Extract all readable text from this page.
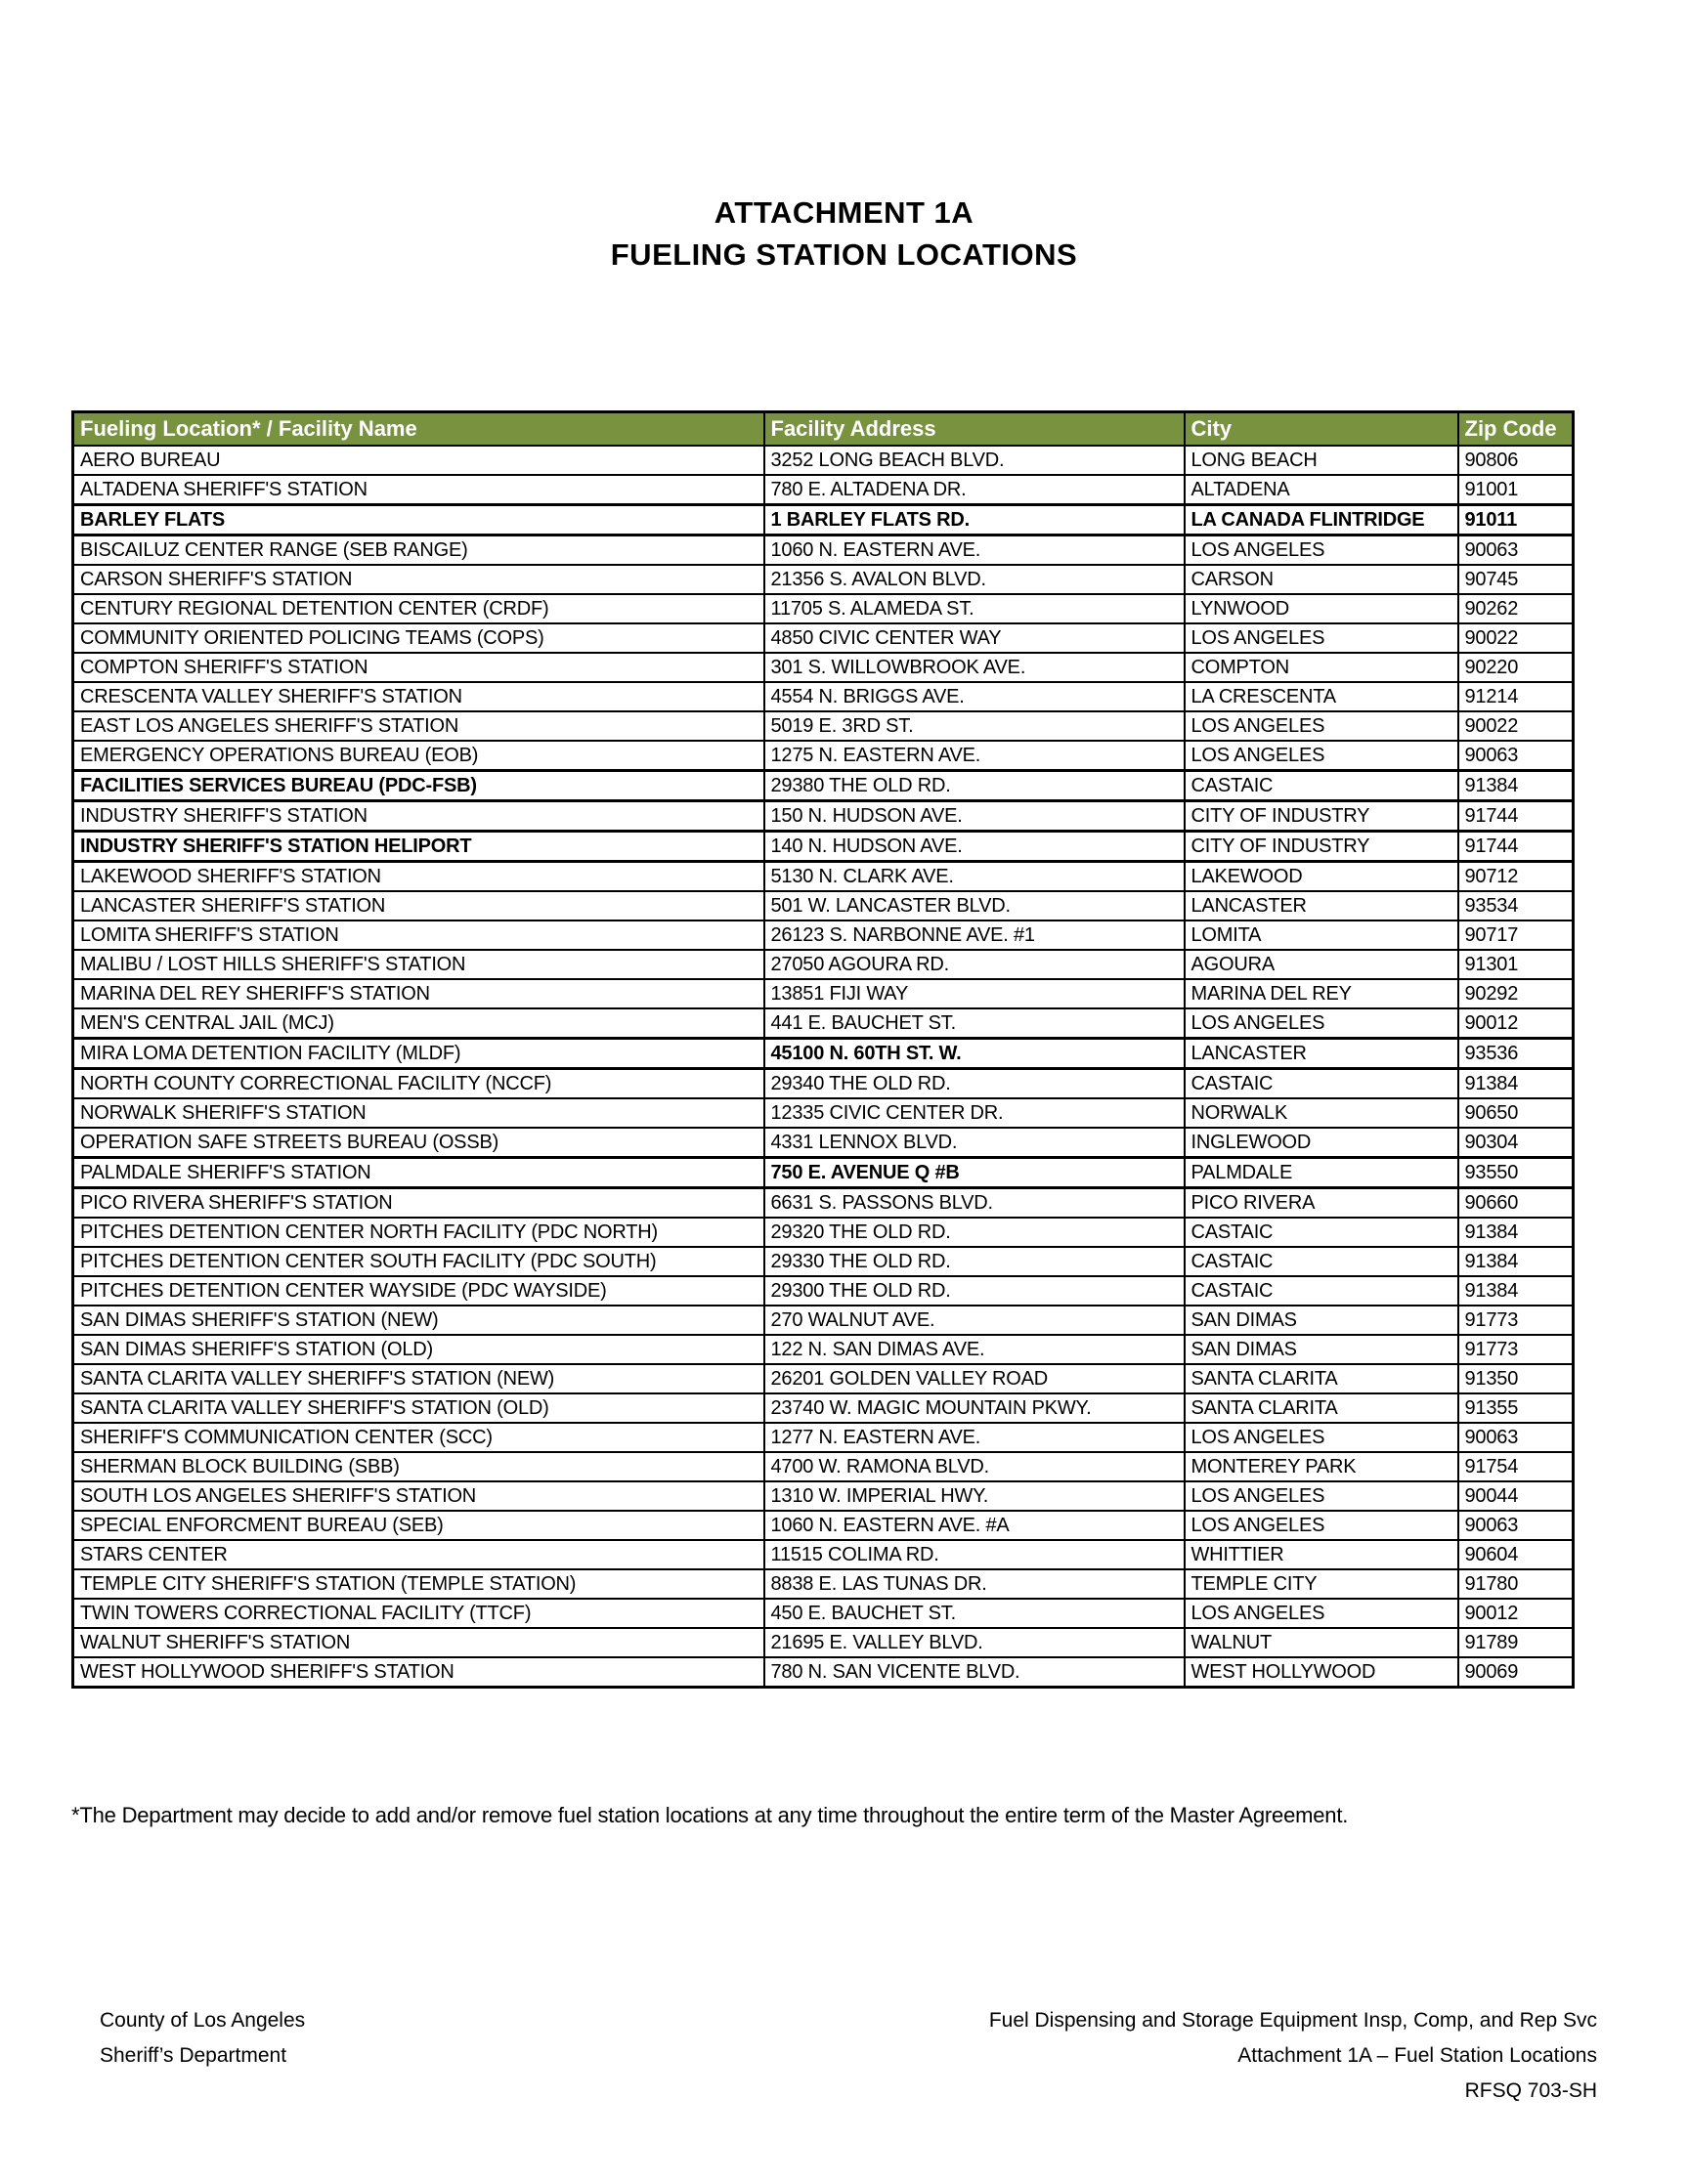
ATTACHMENT 1A
FUELING STATION LOCATIONS
Fueling Location* / Facility Name	Facility Address	City	Zip Code
AERO BUREAU	3252 LONG BEACH BLVD.	LONG BEACH	90806
ALTADENA SHERIFF'S STATION	780 E. ALTADENA DR.	ALTADENA	91001
BARLEY FLATS	1 BARLEY FLATS RD.	LA CANADA FLINTRIDGE	91011
BISCAILUZ CENTER RANGE (SEB RANGE)	1060 N. EASTERN AVE.	LOS ANGELES	90063
CARSON SHERIFF'S STATION	21356 S. AVALON BLVD.	CARSON	90745
CENTURY REGIONAL DETENTION CENTER (CRDF)	11705 S. ALAMEDA ST.	LYNWOOD	90262
COMMUNITY ORIENTED POLICING TEAMS (COPS)	4850 CIVIC CENTER WAY	LOS ANGELES	90022
COMPTON SHERIFF'S STATION	301 S. WILLOWBROOK AVE.	COMPTON	90220
CRESCENTA VALLEY SHERIFF'S STATION	4554 N. BRIGGS AVE.	LA CRESCENTA	91214
EAST LOS ANGELES SHERIFF'S STATION	5019 E. 3RD ST.	LOS ANGELES	90022
EMERGENCY OPERATIONS BUREAU (EOB)	1275 N. EASTERN AVE.	LOS ANGELES	90063
FACILITIES SERVICES BUREAU (PDC-FSB)	29380 THE OLD RD.	CASTAIC	91384
INDUSTRY SHERIFF'S STATION	150 N. HUDSON AVE.	CITY OF INDUSTRY	91744
INDUSTRY SHERIFF'S STATION HELIPORT	140 N. HUDSON AVE.	CITY OF INDUSTRY	91744
LAKEWOOD SHERIFF'S STATION	5130 N. CLARK AVE.	LAKEWOOD	90712
LANCASTER SHERIFF'S STATION	501 W. LANCASTER BLVD.	LANCASTER	93534
LOMITA SHERIFF'S STATION	26123 S. NARBONNE AVE. #1	LOMITA	90717
MALIBU / LOST HILLS SHERIFF'S STATION	27050 AGOURA RD.	AGOURA	91301
MARINA DEL REY SHERIFF'S STATION	13851 FIJI WAY	MARINA DEL REY	90292
MEN'S CENTRAL JAIL (MCJ)	441 E. BAUCHET ST.	LOS ANGELES	90012
MIRA LOMA DETENTION FACILITY (MLDF)	45100 N. 60TH ST. W.	LANCASTER	93536
NORTH COUNTY CORRECTIONAL FACILITY (NCCF)	29340 THE OLD RD.	CASTAIC	91384
NORWALK SHERIFF'S STATION	12335 CIVIC CENTER DR.	NORWALK	90650
OPERATION SAFE STREETS BUREAU (OSSB)	4331 LENNOX BLVD.	INGLEWOOD	90304
PALMDALE SHERIFF'S STATION	750 E. AVENUE Q #B	PALMDALE	93550
PICO RIVERA SHERIFF'S STATION	6631 S. PASSONS BLVD.	PICO RIVERA	90660
PITCHES DETENTION CENTER NORTH FACILITY (PDC NORTH)	29320 THE OLD RD.	CASTAIC	91384
PITCHES DETENTION CENTER SOUTH FACILITY (PDC SOUTH)	29330 THE OLD RD.	CASTAIC	91384
PITCHES DETENTION CENTER WAYSIDE (PDC WAYSIDE)	29300 THE OLD RD.	CASTAIC	91384
SAN DIMAS SHERIFF'S STATION (NEW)	270 WALNUT AVE.	SAN DIMAS	91773
SAN DIMAS SHERIFF'S STATION (OLD)	122 N. SAN DIMAS AVE.	SAN DIMAS	91773
SANTA CLARITA VALLEY SHERIFF'S STATION (NEW)	26201 GOLDEN VALLEY ROAD	SANTA CLARITA	91350
SANTA CLARITA VALLEY SHERIFF'S STATION (OLD)	23740 W. MAGIC MOUNTAIN PKWY.	SANTA CLARITA	91355
SHERIFF'S COMMUNICATION CENTER (SCC)	1277 N. EASTERN AVE.	LOS ANGELES	90063
SHERMAN BLOCK BUILDING (SBB)	4700 W. RAMONA BLVD.	MONTEREY PARK	91754
SOUTH LOS ANGELES SHERIFF'S STATION	1310 W. IMPERIAL HWY.	LOS ANGELES	90044
SPECIAL ENFORCMENT BUREAU (SEB)	1060 N. EASTERN AVE. #A	LOS ANGELES	90063
STARS CENTER	11515 COLIMA RD.	WHITTIER	90604
TEMPLE CITY SHERIFF'S STATION (TEMPLE STATION)	8838 E. LAS TUNAS DR.	TEMPLE CITY	91780
TWIN TOWERS CORRECTIONAL FACILITY (TTCF)	450 E. BAUCHET ST.	LOS ANGELES	90012
WALNUT SHERIFF'S STATION	21695 E. VALLEY BLVD.	WALNUT	91789
WEST HOLLYWOOD SHERIFF'S STATION	780 N. SAN VICENTE BLVD.	WEST HOLLYWOOD	90069
*The Department may decide to add and/or remove fuel station locations at any time throughout the entire term of the Master Agreement.
County of Los Angeles
Sheriff’s Department
Fuel Dispensing and Storage Equipment Insp, Comp, and Rep Svc
Attachment 1A – Fuel Station Locations
RFSQ 703-SH
